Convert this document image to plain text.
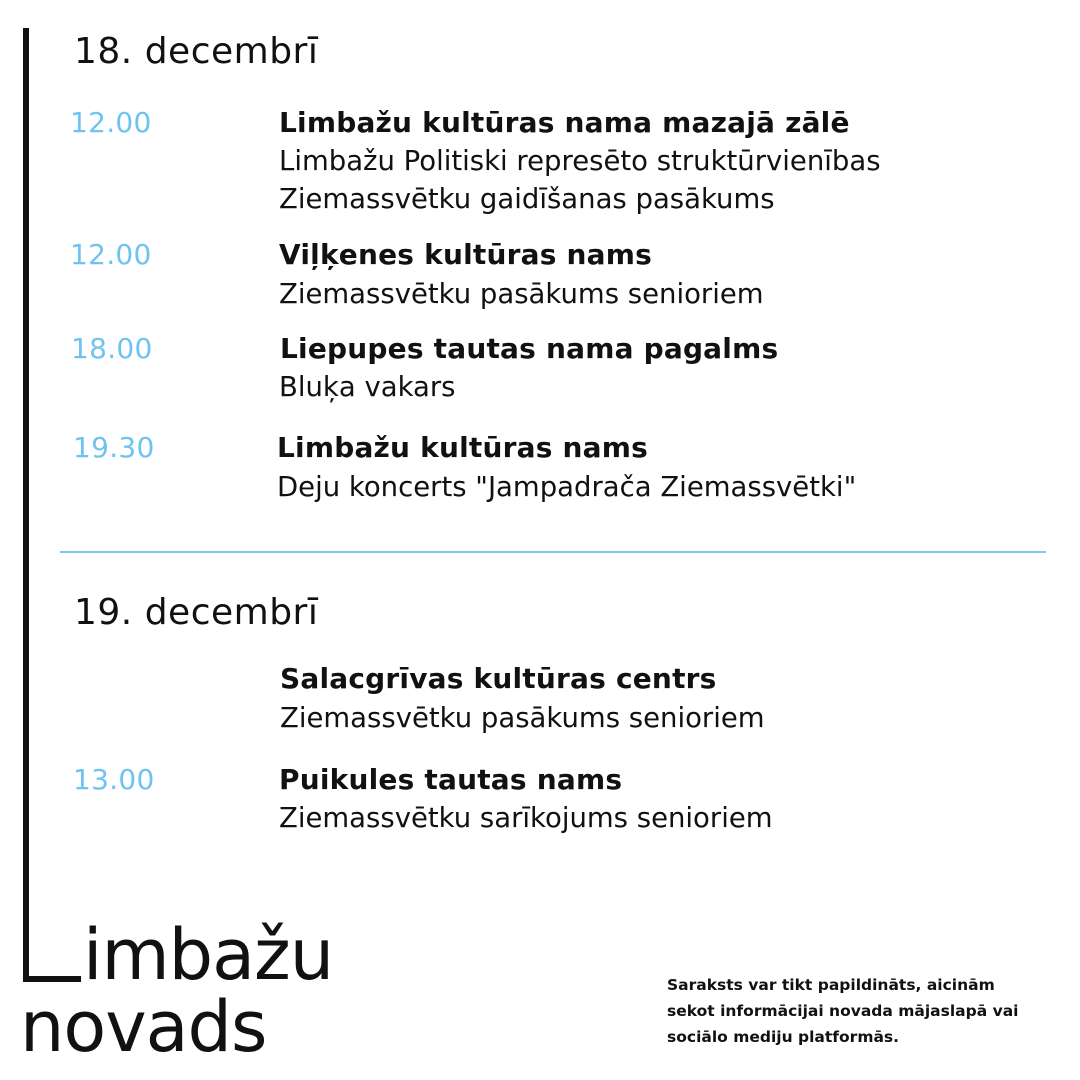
18. decembrī
12.00	Limbažu kultūras nama mazajā zālē
Limbažu Politiski represēto struktūrvienības
Ziemassvētku gaidīšanas pasākums
12.00	Viļķenes kultūras nams
Ziemassvētku pasākums senioriem
18.00	Liepupes tautas nama pagalms
Bluķa vakars
19.30	Limbažu kultūras nams
Deju koncerts "Jampadrača Ziemassvētki"
19. decembrī
Salacgrīvas kultūras centrs
Ziemassvētku pasākums senioriem
13.00	Puikules tautas nams
Ziemassvētku sarīkojums senioriem
imbažu
novads
Saraksts var tikt papildināts, aicinām sekot informācijai novada mājaslapā vai sociālo mediju platformās.
